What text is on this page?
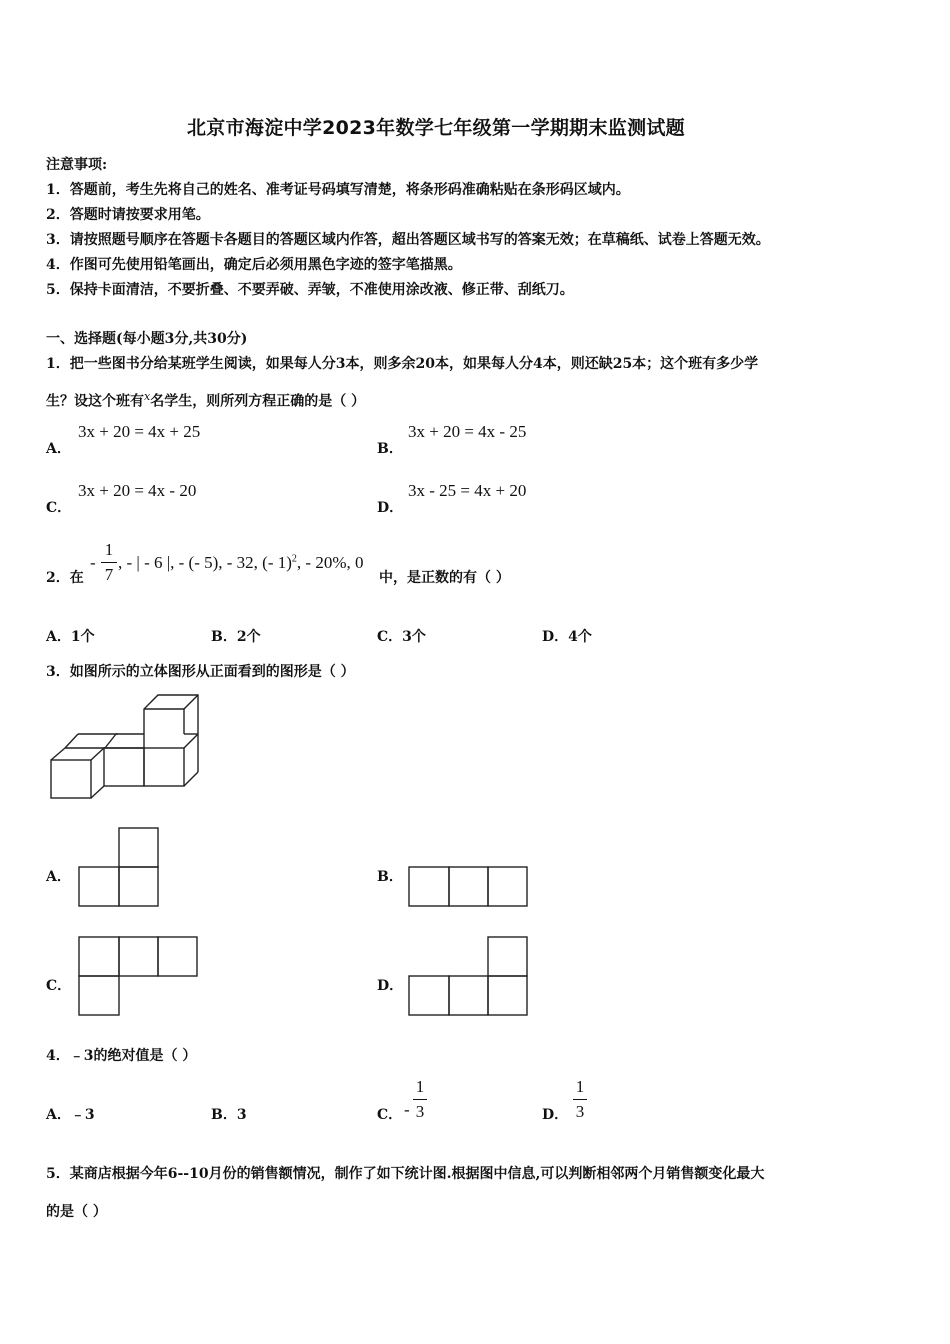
北京市海淀中学2023年数学七年级第一学期期末监测试题
注意事项:
1．答题前，考生先将自己的姓名、准考证号码填写清楚，将条形码准确粘贴在条形码区域内。
2．答题时请按要求用笔。
3．请按照题号顺序在答题卡各题目的答题区域内作答，超出答题区域书写的答案无效；在草稿纸、试卷上答题无效。
4．作图可先使用铅笔画出，确定后必须用黑色字迹的签字笔描黑。
5．保持卡面清洁，不要折叠、不要弄破、弄皱，不准使用涂改液、修正带、刮纸刀。
一、选择题(每小题3分,共30分)
1．把一些图书分给某班学生阅读，如果每人分3本，则多余20本，如果每人分4本，则还缺25本；这个班有多少学
生？设这个班有$^x$名学生，则所列方程正确的是（ ）
A．
3x + 20 = 4x + 25
B．
3x + 20 = 4x - 25
C．
3x + 20 = 4x - 20
D．
3x - 25 = 4x + 20
2．在
-
1
7
, - | - 6 |, - (- 5), - 32, (- 1)$^2$, - 20%, 0
中，是正数的有（ ）
A．1个	B．2个	C．3个	D．4个
3．如图所示的立体图形从正面看到的图形是（ ）
A．	B．
C．	D．
4．﹣3的绝对值是（ ）
A．﹣3	B．3	C． -
1
3	D．
1
3
5．某商店根据今年6--10月份的销售额情况，制作了如下统计图.根据图中信息,可以判断相邻两个月销售额变化最大
的是（ ）
